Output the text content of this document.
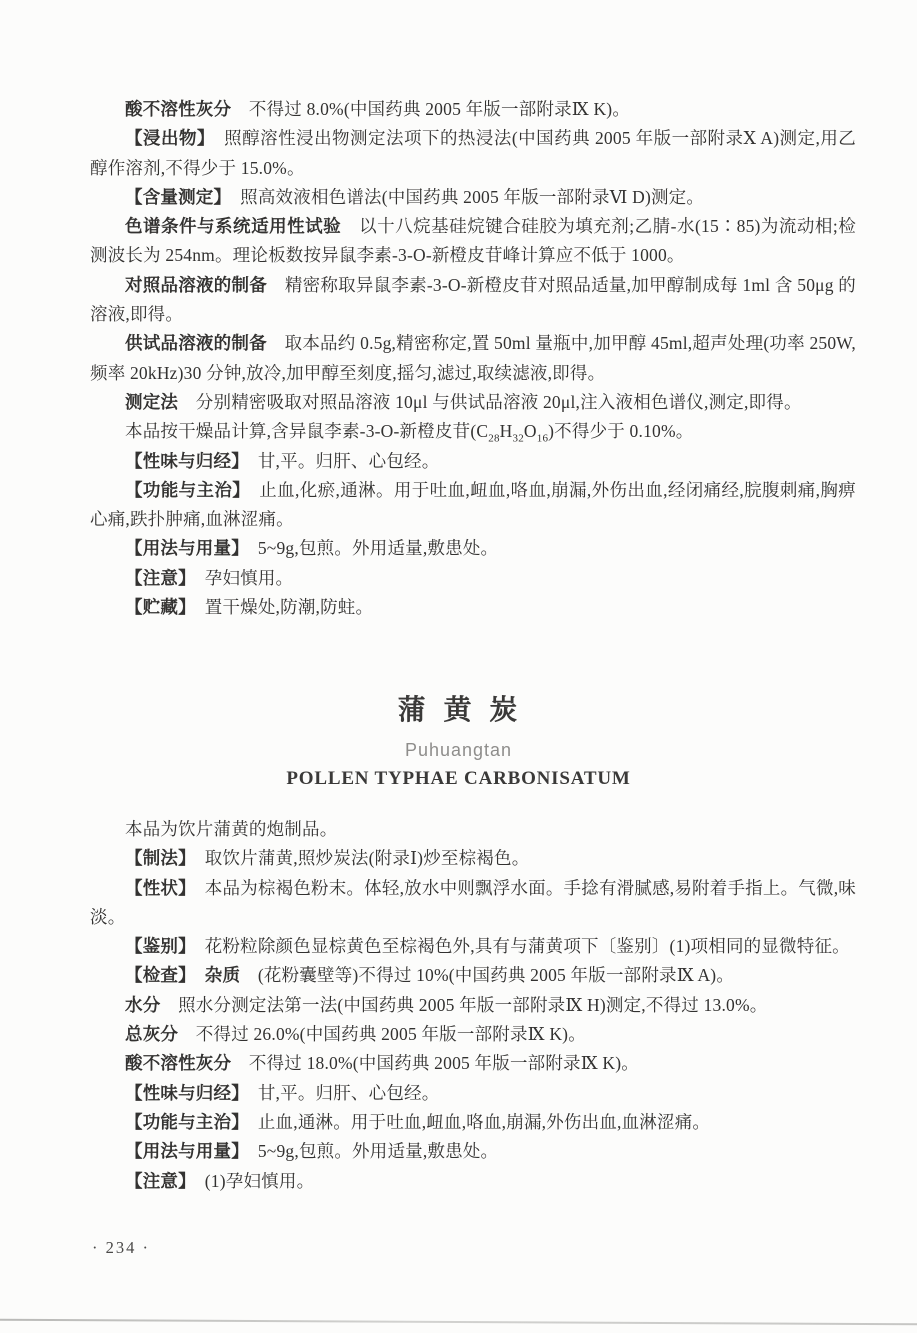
酸不溶性灰分　不得过 8.0%(中国药典 2005 年版一部附录Ⅸ K)。

【浸出物】　照醇溶性浸出物测定法项下的热浸法(中国药典 2005 年版一部附录Ⅹ A)测定,用乙醇作溶剂,不得少于 15.0%。

【含量测定】　照高效液相色谱法(中国药典 2005 年版一部附录Ⅵ D)测定。

色谱条件与系统适用性试验　以十八烷基硅烷键合硅胶为填充剂;乙腈-水(15∶85)为流动相;检测波长为 254nm。理论板数按异鼠李素-3-O-新橙皮苷峰计算应不低于 1000。

对照品溶液的制备　精密称取异鼠李素-3-O-新橙皮苷对照品适量,加甲醇制成每 1ml 含 50μg 的溶液,即得。

供试品溶液的制备　取本品约 0.5g,精密称定,置 50ml 量瓶中,加甲醇 45ml,超声处理(功率 250W,频率 20kHz)30 分钟,放冷,加甲醇至刻度,摇匀,滤过,取续滤液,即得。

测定法　分别精密吸取对照品溶液 10μl 与供试品溶液 20μl,注入液相色谱仪,测定,即得。

本品按干燥品计算,含异鼠李素-3-O-新橙皮苷$(C_{28}H_{32}O_{16})$不得少于 0.10%。

【性味与归经】　甘,平。归肝、心包经。

【功能与主治】　止血,化瘀,通淋。用于吐血,衄血,咯血,崩漏,外伤出血,经闭痛经,脘腹刺痛,胸痹心痛,跌扑肿痛,血淋涩痛。

【用法与用量】　5~9g,包煎。外用适量,敷患处。

【注意】　孕妇慎用。

【贮藏】　置干燥处,防潮,防蛀。

蒲 黄 炭

Puhuangtan

POLLEN TYPHAE CARBONISATUM

本品为饮片蒲黄的炮制品。

【制法】　取饮片蒲黄,照炒炭法(附录Ⅰ)炒至棕褐色。

【性状】　本品为棕褐色粉末。体轻,放水中则飘浮水面。手捻有滑腻感,易附着手指上。气微,味淡。

【鉴别】　花粉粒除颜色显棕黄色至棕褐色外,具有与蒲黄项下〔鉴别〕(1)项相同的显微特征。

【检查】　 杂质　(花粉囊壁等)不得过 10%(中国药典 2005 年版一部附录Ⅸ A)。

水分　照水分测定法第一法(中国药典 2005 年版一部附录Ⅸ H)测定,不得过 13.0%。

总灰分　不得过 26.0%(中国药典 2005 年版一部附录Ⅸ K)。

酸不溶性灰分　不得过 18.0%(中国药典 2005 年版一部附录Ⅸ K)。

【性味与归经】　甘,平。归肝、心包经。

【功能与主治】　止血,通淋。用于吐血,衄血,咯血,崩漏,外伤出血,血淋涩痛。

【用法与用量】　5~9g,包煎。外用适量,敷患处。

【注意】　(1)孕妇慎用。

· 234 ·
